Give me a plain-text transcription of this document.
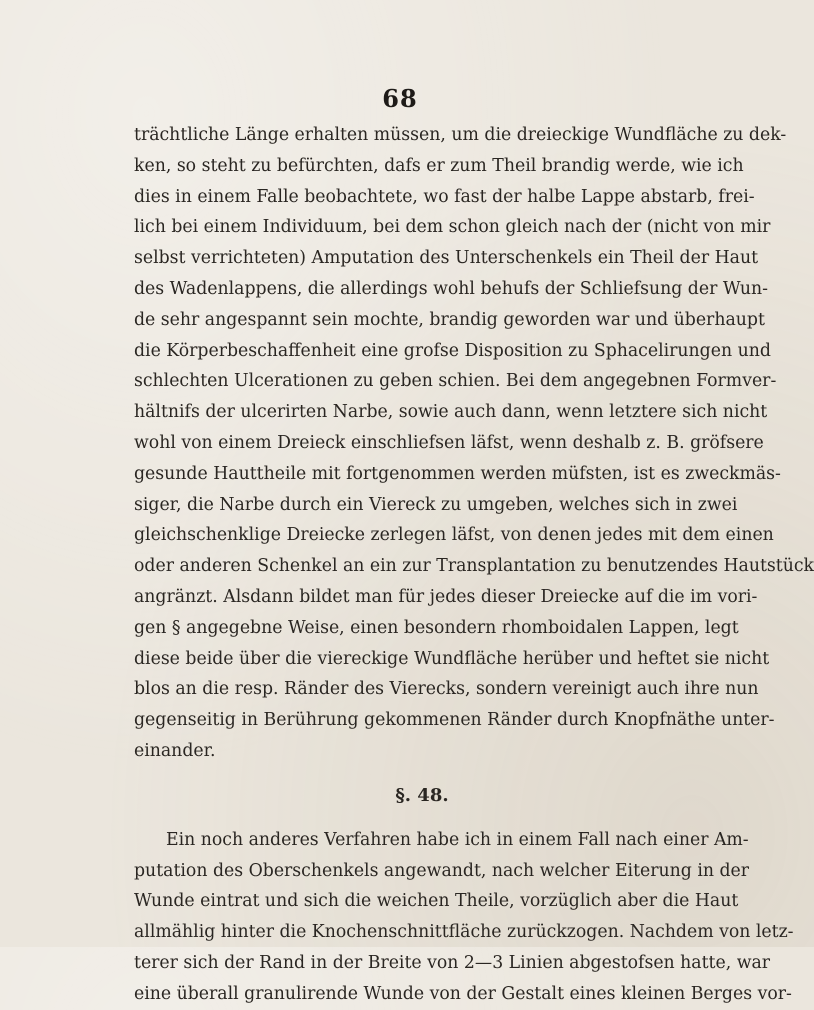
68
trächtliche Länge erhalten müssen, um die dreieckige Wundfläche zu dek-
ken, so steht zu befürchten, dafs er zum Theil brandig werde, wie ich
dies in einem Falle beobachtete, wo fast der halbe Lappe abstarb, frei-
lich bei einem Individuum, bei dem schon gleich nach der (nicht von mir
selbst verrichteten) Amputation des Unterschenkels ein Theil der Haut
des Wadenlappens, die allerdings wohl behufs der Schliefsung der Wun-
de sehr angespannt sein mochte, brandig geworden war und überhaupt
die Körperbeschaffenheit eine grofse Disposition zu Sphacelirungen und
schlechten Ulcerationen zu geben schien. Bei dem angegebnen Formver-
hältnifs der ulcerirten Narbe, sowie auch dann, wenn letztere sich nicht
wohl von einem Dreieck einschliefsen läfst, wenn deshalb z. B. gröfsere
gesunde Hauttheile mit fortgenommen werden müfsten, ist es zweckmäs-
siger, die Narbe durch ein Viereck zu umgeben, welches sich in zwei
gleichschenklige Dreiecke zerlegen läfst, von denen jedes mit dem einen
oder anderen Schenkel an ein zur Transplantation zu benutzendes Hautstück
angränzt. Alsdann bildet man für jedes dieser Dreiecke auf die im vori-
gen § angegebne Weise, einen besondern rhomboidalen Lappen, legt
diese beide über die viereckige Wundfläche herüber und heftet sie nicht
blos an die resp. Ränder des Vierecks, sondern vereinigt auch ihre nun
gegenseitig in Berührung gekommenen Ränder durch Knopfnäthe unter-
einander.
§. 48.
Ein noch anderes Verfahren habe ich in einem Fall nach einer Am-
putation des Oberschenkels angewandt, nach welcher Eiterung in der
Wunde eintrat und sich die weichen Theile, vorzüglich aber die Haut
allmählig hinter die Knochenschnittfläche zurückzogen. Nachdem von letz-
terer sich der Rand in der Breite von 2—3 Linien abgestofsen hatte, war
eine überall granulirende Wunde von der Gestalt eines kleinen Berges vor-
